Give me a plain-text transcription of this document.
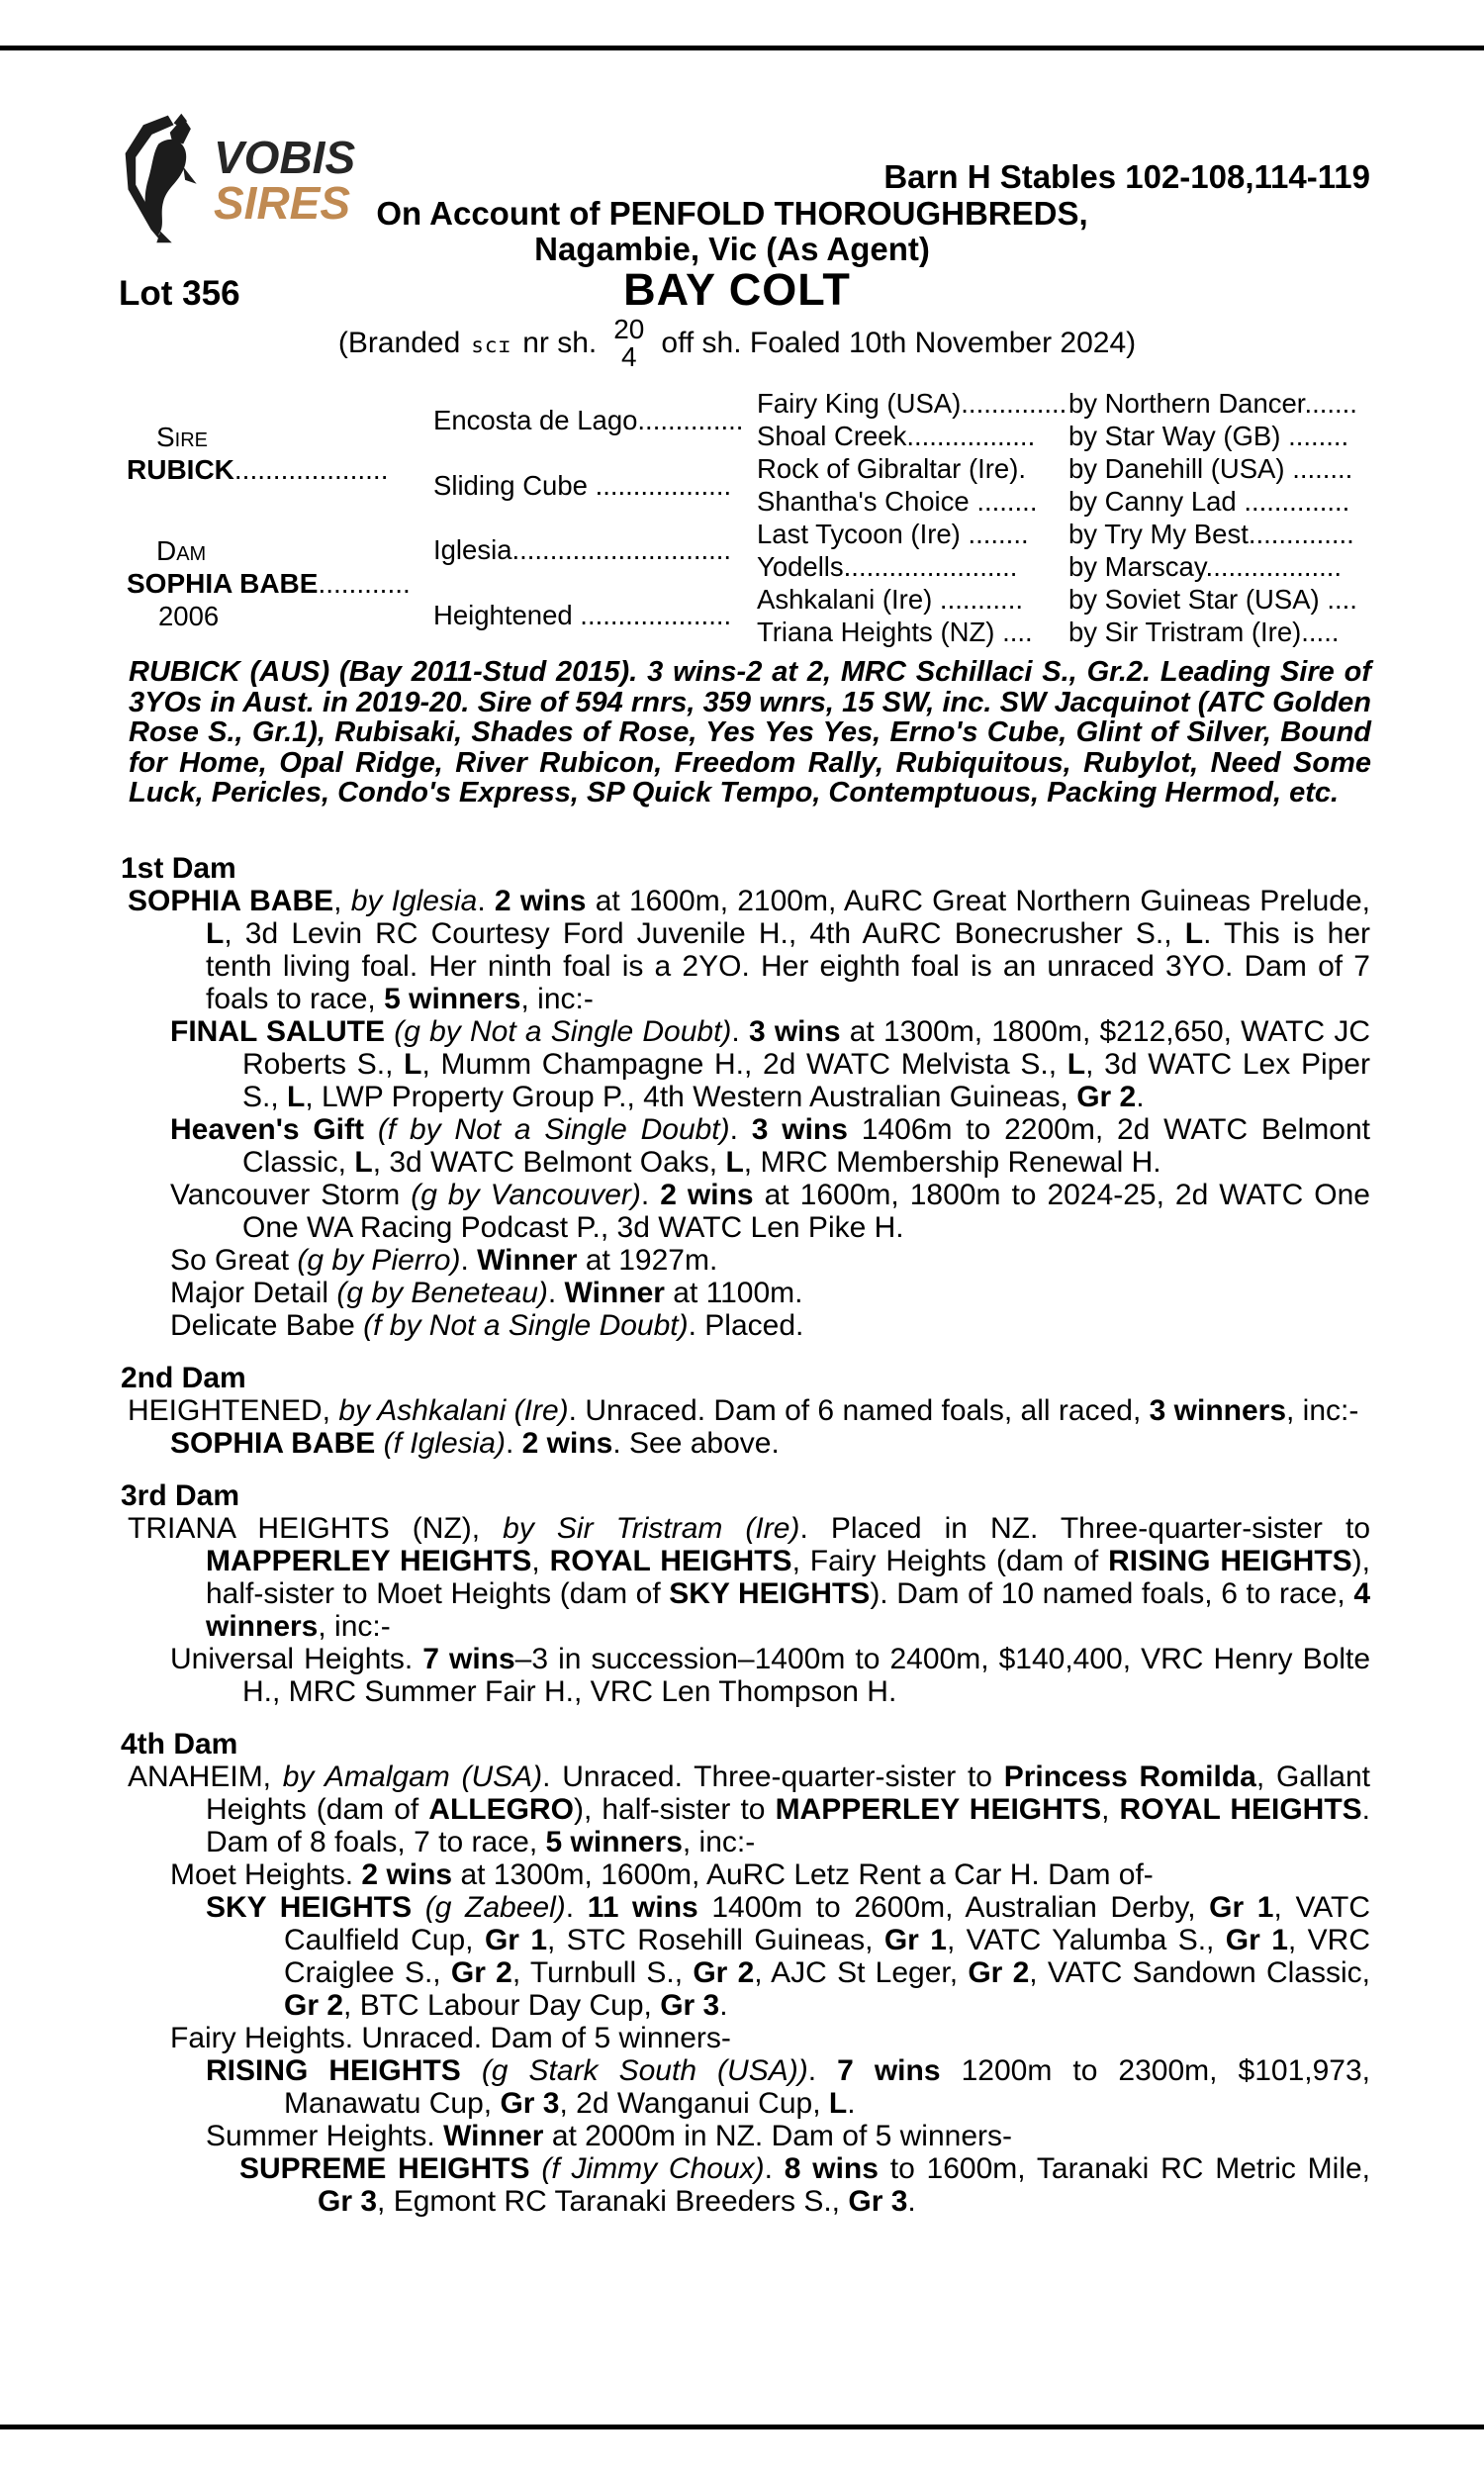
VOBIS
SIRES
Barn H Stables 102-108,114-119
On Account of PENFOLD THOROUGHBREDS,
Nagambie, Vic (As Agent)
Lot 356	BAY COLT
(Branded scɪ nr sh. 20
4 off sh. Foaled 10th November 2024)
Sire
RUBICK....................
Dam
SOPHIA BABE............
2006
Encosta de Lago..............
Sliding Cube ..................
Iglesia.............................
Heightened ....................
Fairy King (USA)..............
Shoal Creek.................
Rock of Gibraltar (Ire).
Shantha's Choice ........
Last Tycoon (Ire) ........
Yodells.......................
Ashkalani (Ire) ...........
Triana Heights (NZ) ....
by Northern Dancer.......
by Star Way (GB) ........
by Danehill (USA) ........
by Canny Lad ..............
by Try My Best..............
by Marscay..................
by Soviet Star (USA) ....
by Sir Tristram (Ire).....

RUBICK (AUS) (Bay 2011-Stud 2015). 3 wins-2 at 2, MRC Schillaci S., Gr.2. Leading Sire of 3YOs in Aust. in 2019-20. Sire of 594 rnrs, 359 wnrs, 15 SW, inc. SW Jacquinot (ATC Golden Rose S., Gr.1), Rubisaki, Shades of Rose, Yes Yes Yes, Erno's Cube, Glint of Silver, Bound for Home, Opal Ridge, River Rubicon, Freedom Rally, Rubiquitous, Rubylot, Need Some Luck, Pericles, Condo's Express, SP Quick Tempo, Contemptuous, Packing Hermod, etc.

1st Dam

SOPHIA BABE, by Iglesia. 2 wins at 1600m, 2100m, AuRC Great Northern Guineas Prelude, L, 3d Levin RC Courtesy Ford Juvenile H., 4th AuRC Bonecrusher S., L. This is her tenth living foal. Her ninth foal is a 2YO. Her eighth foal is an unraced 3YO. Dam of 7 foals to race, 5 winners, inc:-

FINAL SALUTE (g by Not a Single Doubt). 3 wins at 1300m, 1800m, $212,650, WATC JC Roberts S., L, Mumm Champagne H., 2d WATC Melvista S., L, 3d WATC Lex Piper S., L, LWP Property Group P., 4th Western Australian Guineas, Gr 2.

Heaven's Gift (f by Not a Single Doubt). 3 wins 1406m to 2200m, 2d WATC Belmont Classic, L, 3d WATC Belmont Oaks, L, MRC Membership Renewal H.

Vancouver Storm (g by Vancouver). 2 wins at 1600m, 1800m to 2024-25, 2d WATC One One WA Racing Podcast P., 3d WATC Len Pike H.

So Great (g by Pierro). Winner at 1927m.

Major Detail (g by Beneteau). Winner at 1100m.

Delicate Babe (f by Not a Single Doubt). Placed.

2nd Dam

HEIGHTENED, by Ashkalani (Ire). Unraced. Dam of 6 named foals, all raced, 3 winners, inc:-

SOPHIA BABE (f Iglesia). 2 wins. See above.

3rd Dam

TRIANA HEIGHTS (NZ), by Sir Tristram (Ire). Placed in NZ. Three-quarter-sister to MAPPERLEY HEIGHTS, ROYAL HEIGHTS, Fairy Heights (dam of RISING HEIGHTS), half-sister to Moet Heights (dam of SKY HEIGHTS). Dam of 10 named foals, 6 to race, 4 winners, inc:-

Universal Heights. 7 wins–3 in succession–1400m to 2400m, $140,400, VRC Henry Bolte H., MRC Summer Fair H., VRC Len Thompson H.

4th Dam

ANAHEIM, by Amalgam (USA). Unraced. Three-quarter-sister to Princess Romilda, Gallant Heights (dam of ALLEGRO), half-sister to MAPPERLEY HEIGHTS, ROYAL HEIGHTS. Dam of 8 foals, 7 to race, 5 winners, inc:-

Moet Heights. 2 wins at 1300m, 1600m, AuRC Letz Rent a Car H. Dam of-

SKY HEIGHTS (g Zabeel). 11 wins 1400m to 2600m, Australian Derby, Gr 1, VATC Caulfield Cup, Gr 1, STC Rosehill Guineas, Gr 1, VATC Yalumba S., Gr 1, VRC Craiglee S., Gr 2, Turnbull S., Gr 2, AJC St Leger, Gr 2, VATC Sandown Classic, Gr 2, BTC Labour Day Cup, Gr 3.

Fairy Heights. Unraced. Dam of 5 winners-

RISING HEIGHTS (g Stark South (USA)). 7 wins 1200m to 2300m, $101,973, Manawatu Cup, Gr 3, 2d Wanganui Cup, L.

Summer Heights. Winner at 2000m in NZ. Dam of 5 winners-

SUPREME HEIGHTS (f Jimmy Choux). 8 wins to 1600m, Taranaki RC Metric Mile, Gr 3, Egmont RC Taranaki Breeders S., Gr 3.
